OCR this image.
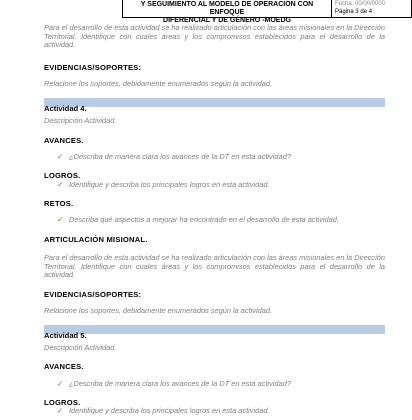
Y SEGUIMIENTO AL MODELO DE OPERACIÓN CON ENFOQUE
DIFERENCIAL Y DE GÉNERO -MOEDG
Fecha: 00/00/0000
Página 3 de 4
Para el desarrollo de esta actividad se ha realizado articulación con las áreas misionales en la Dirección Territorial. Identifique con cuales áreas y los compromisos establecidos para el desarrollo de la actividad.
EVIDENCIAS/SOPORTES:
Relacione los soportes, debidamente enumerados según la actividad.
Actividad 4.
Descripción Actividad.
AVANCES.
✓ ¿Describa de manera clara los avances de la DT en esta actividad?
LOGROS.
✓ Identifique y describa los principales logros en esta actividad.
RETOS.
✓ Describa qué aspectos a mejorar ha encontrado en el desarrollo de esta actividad.
ARTICULACIÓN MISIONAL.
Para el desarrollo de esta actividad se ha realizado articulación con las áreas misionales en la Dirección Territorial. Identifique con cuales áreas y los compromisos establecidos para el desarrollo de la actividad.
EVIDENCIAS/SOPORTES:
Relacione los soportes, debidamente enumerados según la actividad.
Actividad 5.
Descripción Actividad.
AVANCES.
✓ ¿Describa de manera clara los avances de la DT en esta actividad?
LOGROS.
✓ Identifique y describa los principales logros en esta actividad.
